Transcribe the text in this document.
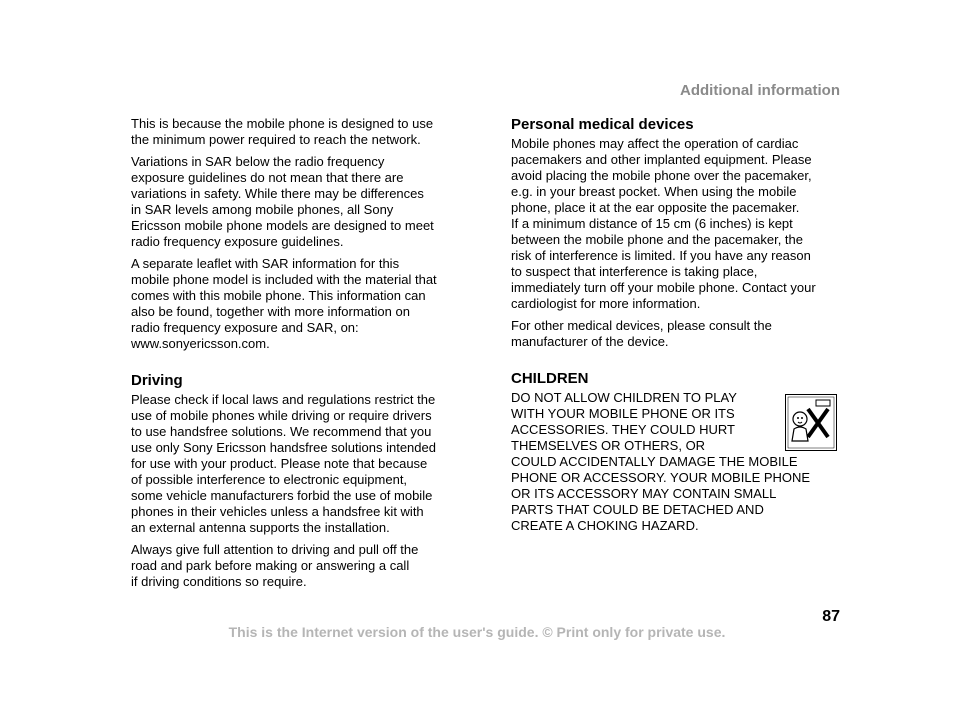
Additional information

This is because the mobile phone is designed to use
the minimum power required to reach the network.

Variations in SAR below the radio frequency
exposure guidelines do not mean that there are
variations in safety. While there may be differences
in SAR levels among mobile phones, all Sony
Ericsson mobile phone models are designed to meet
radio frequency exposure guidelines.

A separate leaflet with SAR information for this
mobile phone model is included with the material that
comes with this mobile phone. This information can
also be found, together with more information on
radio frequency exposure and SAR, on:
www.sonyericsson.com.

Driving

Please check if local laws and regulations restrict the
use of mobile phones while driving or require drivers
to use handsfree solutions. We recommend that you
use only Sony Ericsson handsfree solutions intended
for use with your product. Please note that because
of possible interference to electronic equipment,
some vehicle manufacturers forbid the use of mobile
phones in their vehicles unless a handsfree kit with
an external antenna supports the installation.

Always give full attention to driving and pull off the
road and park before making or answering a call
if driving conditions so require.

Personal medical devices

Mobile phones may affect the operation of cardiac
pacemakers and other implanted equipment. Please
avoid placing the mobile phone over the pacemaker,
e.g. in your breast pocket. When using the mobile
phone, place it at the ear opposite the pacemaker.
If a minimum distance of 15 cm (6 inches) is kept
between the mobile phone and the pacemaker, the
risk of interference is limited. If you have any reason
to suspect that interference is taking place,
immediately turn off your mobile phone. Contact your
cardiologist for more information.

For other medical devices, please consult the
manufacturer of the device.

CHILDREN

DO NOT ALLOW CHILDREN TO PLAY
WITH YOUR MOBILE PHONE OR ITS
ACCESSORIES. THEY COULD HURT
THEMSELVES OR OTHERS, OR
COULD ACCIDENTALLY DAMAGE THE MOBILE
PHONE OR ACCESSORY. YOUR MOBILE PHONE
OR ITS ACCESSORY MAY CONTAIN SMALL
PARTS THAT COULD BE DETACHED AND
CREATE A CHOKING HAZARD.

87
This is the Internet version of the user's guide. © Print only for private use.
